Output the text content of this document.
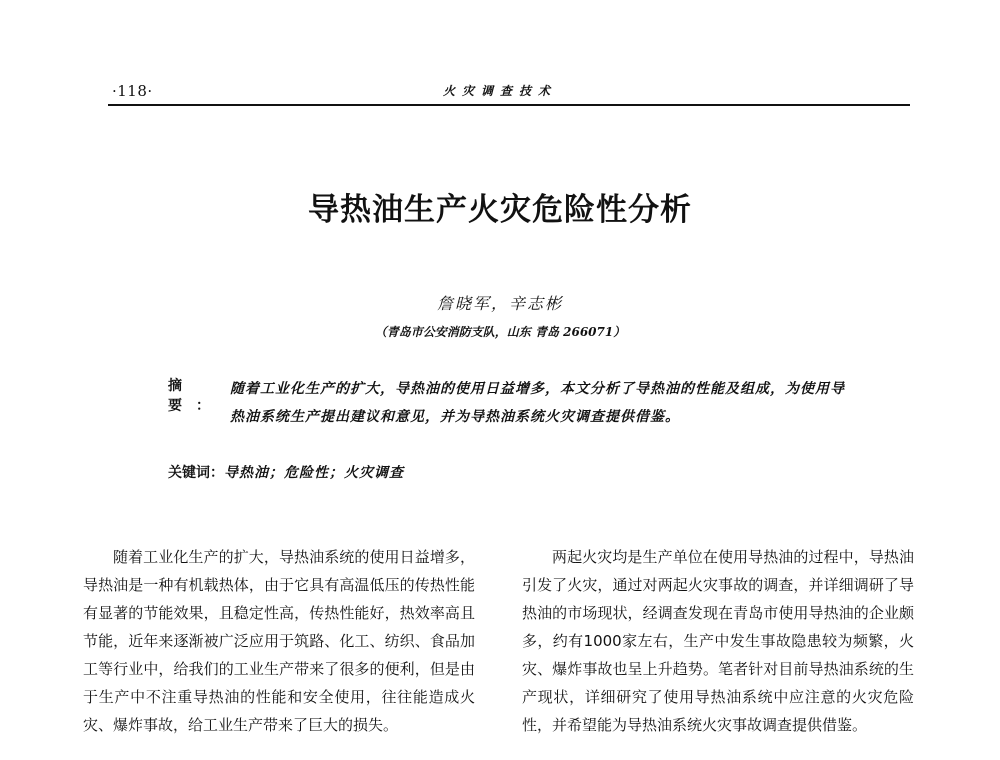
·118·	火灾调查技术
导热油生产火灾危险性分析
詹晓军，辛志彬
（青岛市公安消防支队，山东 青岛 266071）
摘要：
随着工业化生产的扩大，导热油的使用日益增多，本文分析了导热油的性能及组成，为使用导热油系统生产提出建议和意见，并为导热油系统火灾调查提供借鉴。
关键词：导热油；危险性；火灾调查

随着工业化生产的扩大，导热油系统的使用日益增多，导热油是一种有机载热体，由于它具有高温低压的传热性能有显著的节能效果，且稳定性高，传热性能好，热效率高且节能，近年来逐渐被广泛应用于筑路、化工、纺织、食品加工等行业中，给我们的工业生产带来了很多的便利，但是由于生产中不注重导热油的性能和安全使用，往往能造成火灾、爆炸事故，给工业生产带来了巨大的损失。

两起火灾均是生产单位在使用导热油的过程中，导热油引发了火灾，通过对两起火灾事故的调查，并详细调研了导热油的市场现状，经调查发现在青岛市使用导热油的企业颇多，约有1000家左右，生产中发生事故隐患较为频繁，火灾、爆炸事故也呈上升趋势。笔者针对目前导热油系统的生产现状，详细研究了使用导热油系统中应注意的火灾危险性，并希望能为导热油系统火灾事故调查提供借鉴。
